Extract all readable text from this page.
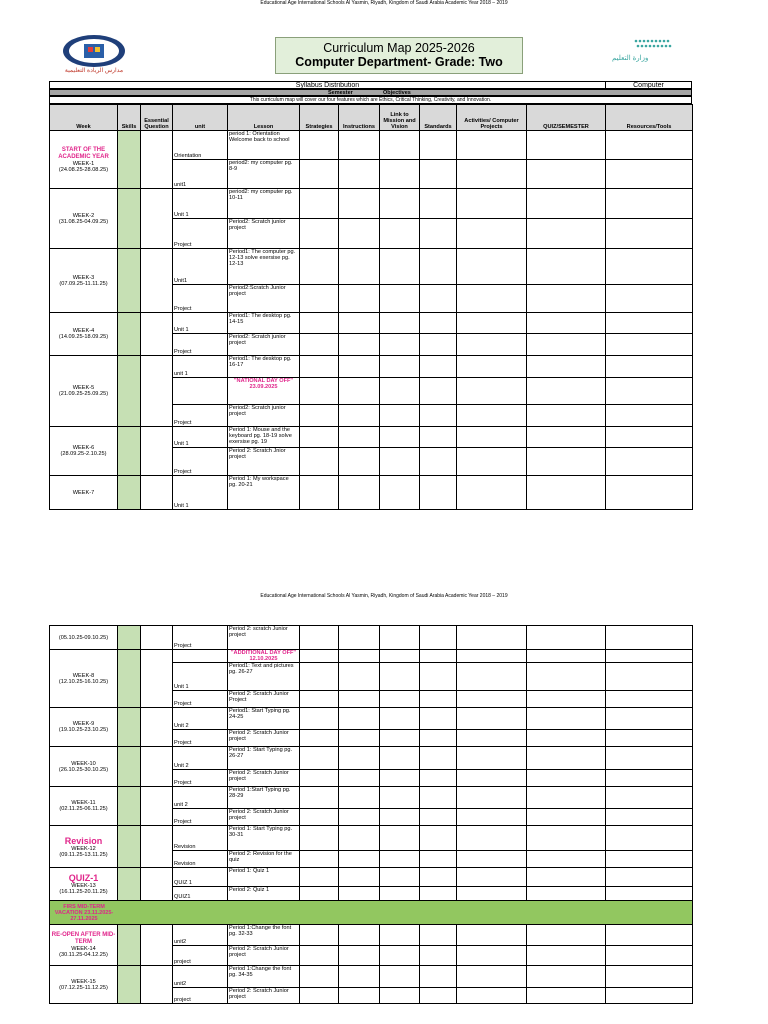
Educational Age International Schools Al Yasmin, Riyadh, Kingdom of Saudi Arabia Academic Year 2018 – 2019
مدارس الريادة التعليمية
Curriculum Map 2025-2026
Computer Department- Grade: Two	وزارة التعليم
Syllabus Distribution	Computer
Semester	Objectives
This curriculum map will cover our four features which are Ethics, Critical Thinking, Creativity, and Innovation.
Week	Skills	Essential Question	unit	Lesson	Strategies	Instructions	Link to Mission and Vision	Standards	Activities/ Computer Projects	QUIZ/SEMESTER	Resources/Tools

START OF THE ACADEMIC YEAR
WEEK-1
(24.08.25-28.08.25)			Orientation	period 1: Orientation Welcome back to school							
			unit1	period2: my computer pg. 8-9							

WEEK-2
(31.08.25-04.09.25)			Unit 1	period2: my computer pg. 10-11							
			Project	Period2: Scratch junior project							

WEEK-3
(07.09.25-11.11.25)			Unit1	Period1: The computer pg. 12-13 solve exersise pg. 12-13							
			Project	Period2:Scratch Junior project							

WEEK-4
(14.09.25-18.09.25)			Unit 1	Period1: The desktop pg. 14-15							
			Project	Period2: Scratch junior project							

WEEK-5
(21.09.25-25.09.25)			unit 1	Period1: The desktop pg. 16-17							
				"NATIONAL DAY OFF" 23.09.2025							
			Project	Period2: Scratch junior project							

WEEK-6
(28.09.25-2.10.25)			Unit 1	Period 1: Mouse and the keyboard pg. 18-19 solve exersise pg. 19							
			Project	Period 2: Scratch Jnior project							

WEEK-7			Unit 1	Period 1: My workspace pg. 20-21							
Educational Age International Schools Al Yasmin, Riyadh, Kingdom of Saudi Arabia Academic Year 2018 – 2019
(05.10.25-09.10.25)			Project	Period 2: scratch Junior project							

WEEK-8
(12.10.25-16.10.25)				"ADDITIONAL DAY OFF" 12.10.2025							
			Unit 1	Period1: Text and pictures pg. 26-27							
			Project	Period 2: Scratch Junior Project							

WEEK-9
(19.10.25-23.10.25)			Unit 2	Period1: Start Typing pg. 24-25							
			Project	Period 2: Scratch Junior project							

WEEK-10
(26.10.25-30.10.25)			Unit 2	Period 1: Start Typing pg. 26-27							
			Project	Period 2: Scratch Junior project							

WEEK-11
(02.11.25-06.11.25)			unit 2	Period 1:Start Typing pg. 28-29							
			Project	Period 2: Scratch Junior project							

Revision
WEEK-12
(09.11.25-13.11.25)			Revision	Period 1: Start Typing pg. 30-31							
			Revision	Period 2: Revision for the quiz							

QUIZ-1
WEEK-13
(16.11.25-20.11.25)			QUIZ 1	Period 1: Quiz 1							
			QUIZ1	Period 2: Quiz 1							

FIRS MID-TERM VACATION 23.11.2025-27.11.2025											

RE-OPEN AFTER MID-TERM
WEEK-14
(30.11.25-04.12.25)			unit2	Period 1:Change the font pg. 32-33							
			project	Period 2: Scratch Junior project							

WEEK-15
(07.12.25-11.12.25)			unit2	Period 1:Change the font pg. 34-35							
			project	Period 2: Scratch Junior project							
